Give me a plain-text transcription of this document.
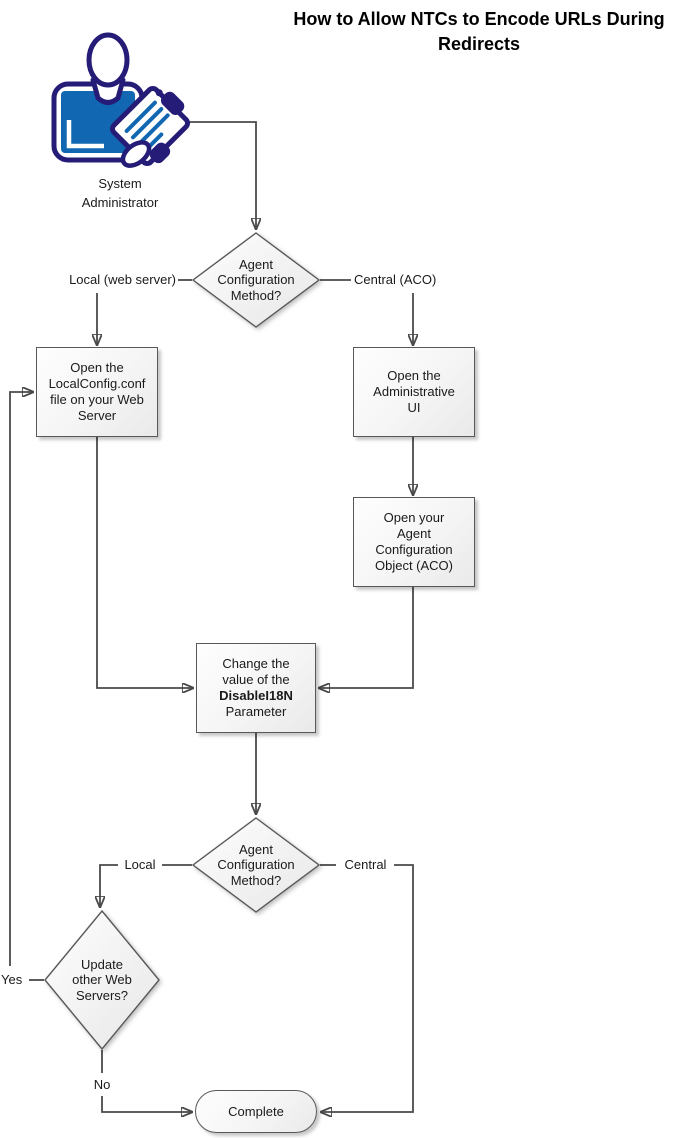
How to Allow NTCs to Encode URLs During
Redirects
System
Administrator
Agent
Configuration
Method?
Open the
LocalConfig.conf
file on your Web
Server
Open the
Administrative
UI
Open your
Agent
Configuration
Object (ACO)
Change the
value of the
DisableI18N
Parameter
Agent
Configuration
Method?
Update
other Web
Servers?
Complete
Local (web server)	Central (ACO)
Local	Central
Yes
No
